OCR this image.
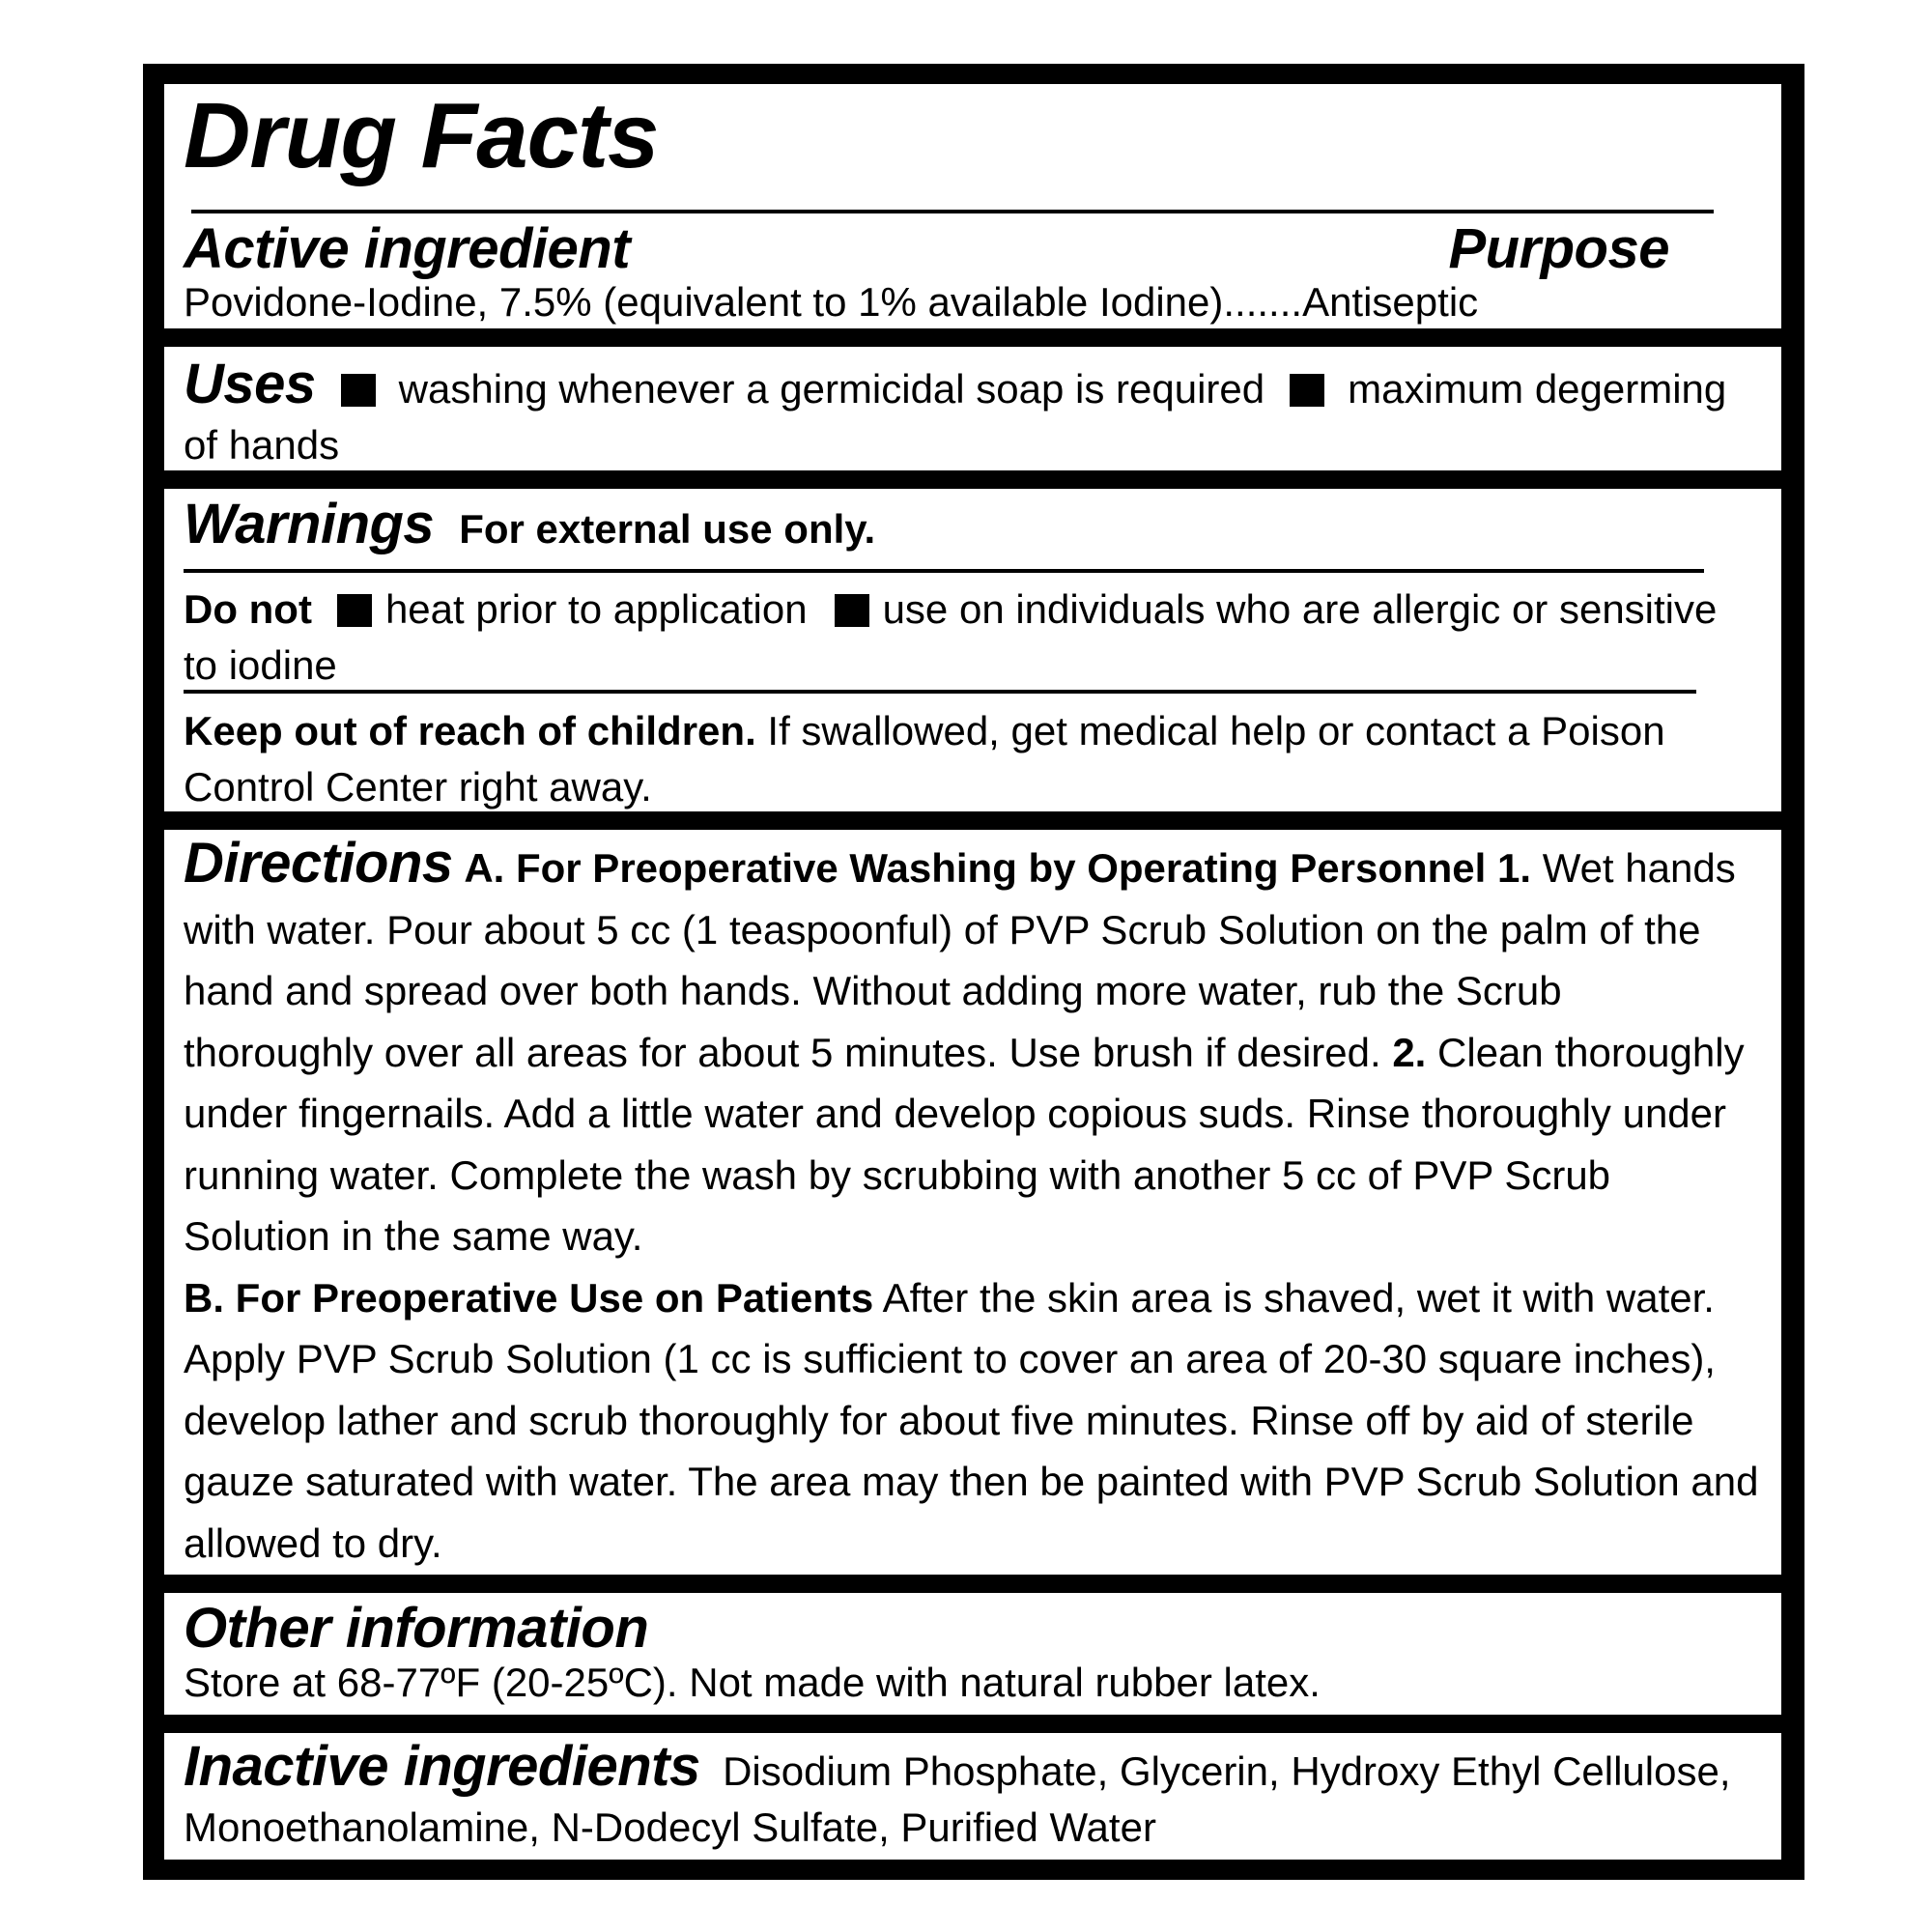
Drug Facts
Active ingredient	Purpose
Povidone-Iodine, 7.5% (equivalent to 1% available Iodine).......Antiseptic
Uses washing whenever a germicidal soap is required maximum degerming of hands
Warnings For external use only.
Do not heat prior to application use on individuals who are allergic or sensitive to iodine
Keep out of reach of children. If swallowed, get medical help or contact a Poison Control Center right away.
Directions A. For Preoperative Washing by Operating Personnel 1. Wet hands with water. Pour about 5 cc (1 teaspoonful) of PVP Scrub Solution on the palm of the hand and spread over both hands. Without adding more water, rub the Scrub thoroughly over all areas for about 5 minutes. Use brush if desired. 2. Clean thoroughly under fingernails. Add a little water and develop copious suds. Rinse thoroughly under running water. Complete the wash by scrubbing with another 5 cc of PVP Scrub Solution in the same way.
B. For Preoperative Use on Patients After the skin area is shaved, wet it with water. Apply PVP Scrub Solution (1 cc is sufficient to cover an area of 20-30 square inches), develop lather and scrub thoroughly for about five minutes. Rinse off by aid of sterile gauze saturated with water. The area may then be painted with PVP Scrub Solution and allowed to dry.
Other information
Store at 68-77ºF (20-25ºC). Not made with natural rubber latex.
Inactive ingredients Disodium Phosphate, Glycerin, Hydroxy Ethyl Cellulose, Monoethanolamine, N-Dodecyl Sulfate, Purified Water
